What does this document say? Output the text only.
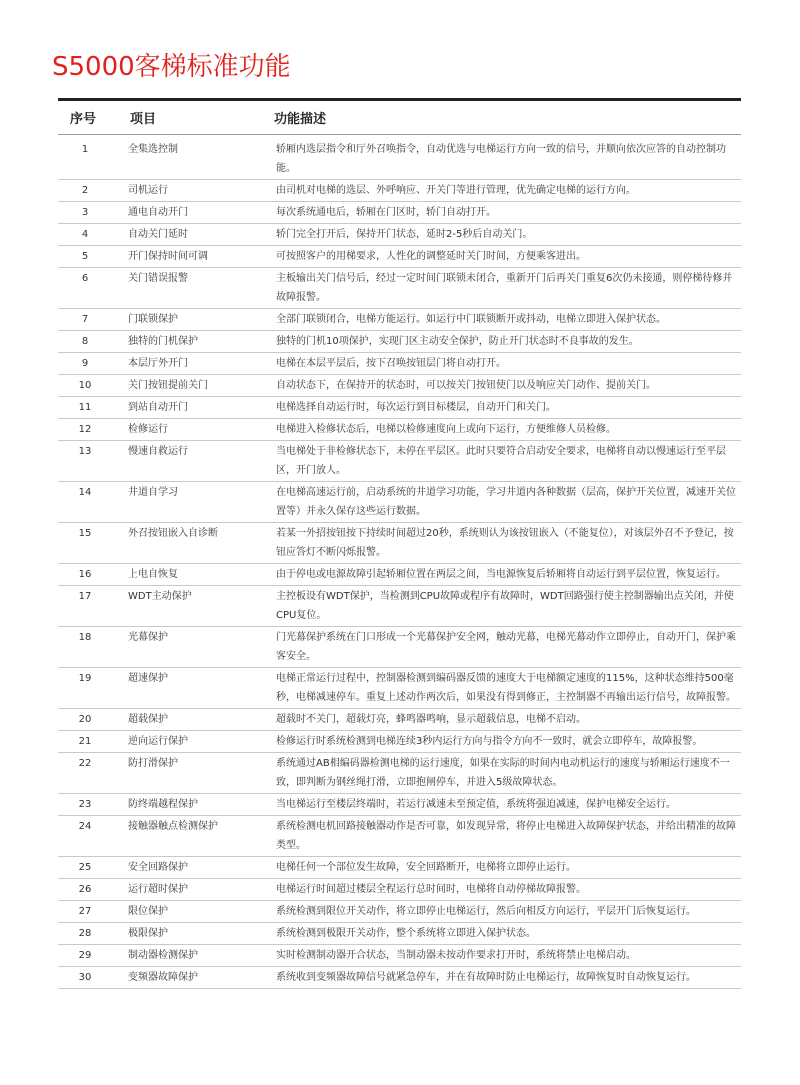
S5000客梯标准功能
序号	项目	功能描述
1	全集选控制	轿厢内选层指令和厅外召唤指令，自动优选与电梯运行方向一致的信号，并顺向依次应答的自动控制功能。
2	司机运行	由司机对电梯的选层、外呼响应、开关门等进行管理，优先确定电梯的运行方向。
3	通电自动开门	每次系统通电后，轿厢在门区时，轿门自动打开。
4	自动关门延时	轿门完全打开后，保持开门状态，延时2-5秒后自动关门。
5	开门保持时间可调	可按照客户的用梯要求，人性化的调整延时关门时间，方便乘客进出。
6	关门错误报警	主板输出关门信号后，经过一定时间门联锁未闭合，重新开门后再关门重复6次仍未接通，则停梯待修并故障报警。
7	门联锁保护	全部门联锁闭合，电梯方能运行。如运行中门联锁断开或抖动，电梯立即进入保护状态。
8	独特的门机保护	独特的门机10项保护，实现门区主动安全保护，防止开门状态时不良事故的发生。
9	本层厅外开门	电梯在本层平层后，按下召唤按钮层门将自动打开。
10	关门按钮提前关门	自动状态下，在保持开的状态时，可以按关门按钮使门以及响应关门动作、提前关门。
11	到站自动开门	电梯选择自动运行时，每次运行到目标楼层，自动开门和关门。
12	检修运行	电梯进入检修状态后，电梯以检修速度向上或向下运行，方便维修人员检修。
13	慢速自救运行	当电梯处于非检修状态下，未停在平层区。此时只要符合启动安全要求，电梯将自动以慢速运行至平层区，开门放人。
14	井道自学习	在电梯高速运行前，启动系统的井道学习功能，学习井道内各种数据（层高，保护开关位置，减速开关位置等）并永久保存这些运行数据。
15	外召按钮嵌入自诊断	若某一外招按钮按下持续时间超过20秒，系统则认为该按钮嵌入（不能复位），对该层外召不予登记，按钮应答灯不断闪烁报警。
16	上电自恢复	由于停电或电源故障引起轿厢位置在两层之间，当电源恢复后轿厢将自动运行到平层位置，恢复运行。
17	WDT主动保护	主控板设有WDT保护，当检测到CPU故障或程序有故障时，WDT回路强行使主控制器输出点关闭，并使CPU复位。
18	光幕保护	门光幕保护系统在门口形成一个光幕保护安全网，触动光幕，电梯光幕动作立即停止，自动开门，保护乘客安全。
19	超速保护	电梯正常运行过程中，控制器检测到编码器反馈的速度大于电梯额定速度的115%，这种状态维持500毫秒，电梯减速停车。重复上述动作两次后，如果没有得到修正，主控制器不再输出运行信号，故障报警。
20	超载保护	超载时不关门，超载灯亮，蜂鸣器鸣响，显示超载信息，电梯不启动。
21	逆向运行保护	检修运行时系统检测到电梯连续3秒内运行方向与指令方向不一致时，就会立即停车，故障报警。
22	防打滑保护	系统通过AB相编码器检测电梯的运行速度，如果在实际的时间内电动机运行的速度与轿厢运行速度不一致，即判断为钢丝绳打滑，立即抱闸停车，并进入5级故障状态。
23	防终端越程保护	当电梯运行至楼层终端时，若运行减速未至预定值，系统将强迫减速，保护电梯安全运行。
24	接触器触点检测保护	系统检测电机回路接触器动作是否可靠，如发现异常，将停止电梯进入故障保护状态，并给出精准的故障类型。
25	安全回路保护	电梯任何一个部位发生故障，安全回路断开，电梯将立即停止运行。
26	运行超时保护	电梯运行时间超过楼层全程运行总时间时，电梯将自动停梯故障报警。
27	限位保护	系统检测到限位开关动作，将立即停止电梯运行，然后向相反方向运行，平层开门后恢复运行。
28	极限保护	系统检测到极限开关动作，整个系统将立即进入保护状态。
29	制动器检测保护	实时检测制动器开合状态，当制动器未按动作要求打开时，系统将禁止电梯启动。
30	变频器故障保护	系统收到变频器故障信号就紧急停车，并在有故障时防止电梯运行，故障恢复时自动恢复运行。
